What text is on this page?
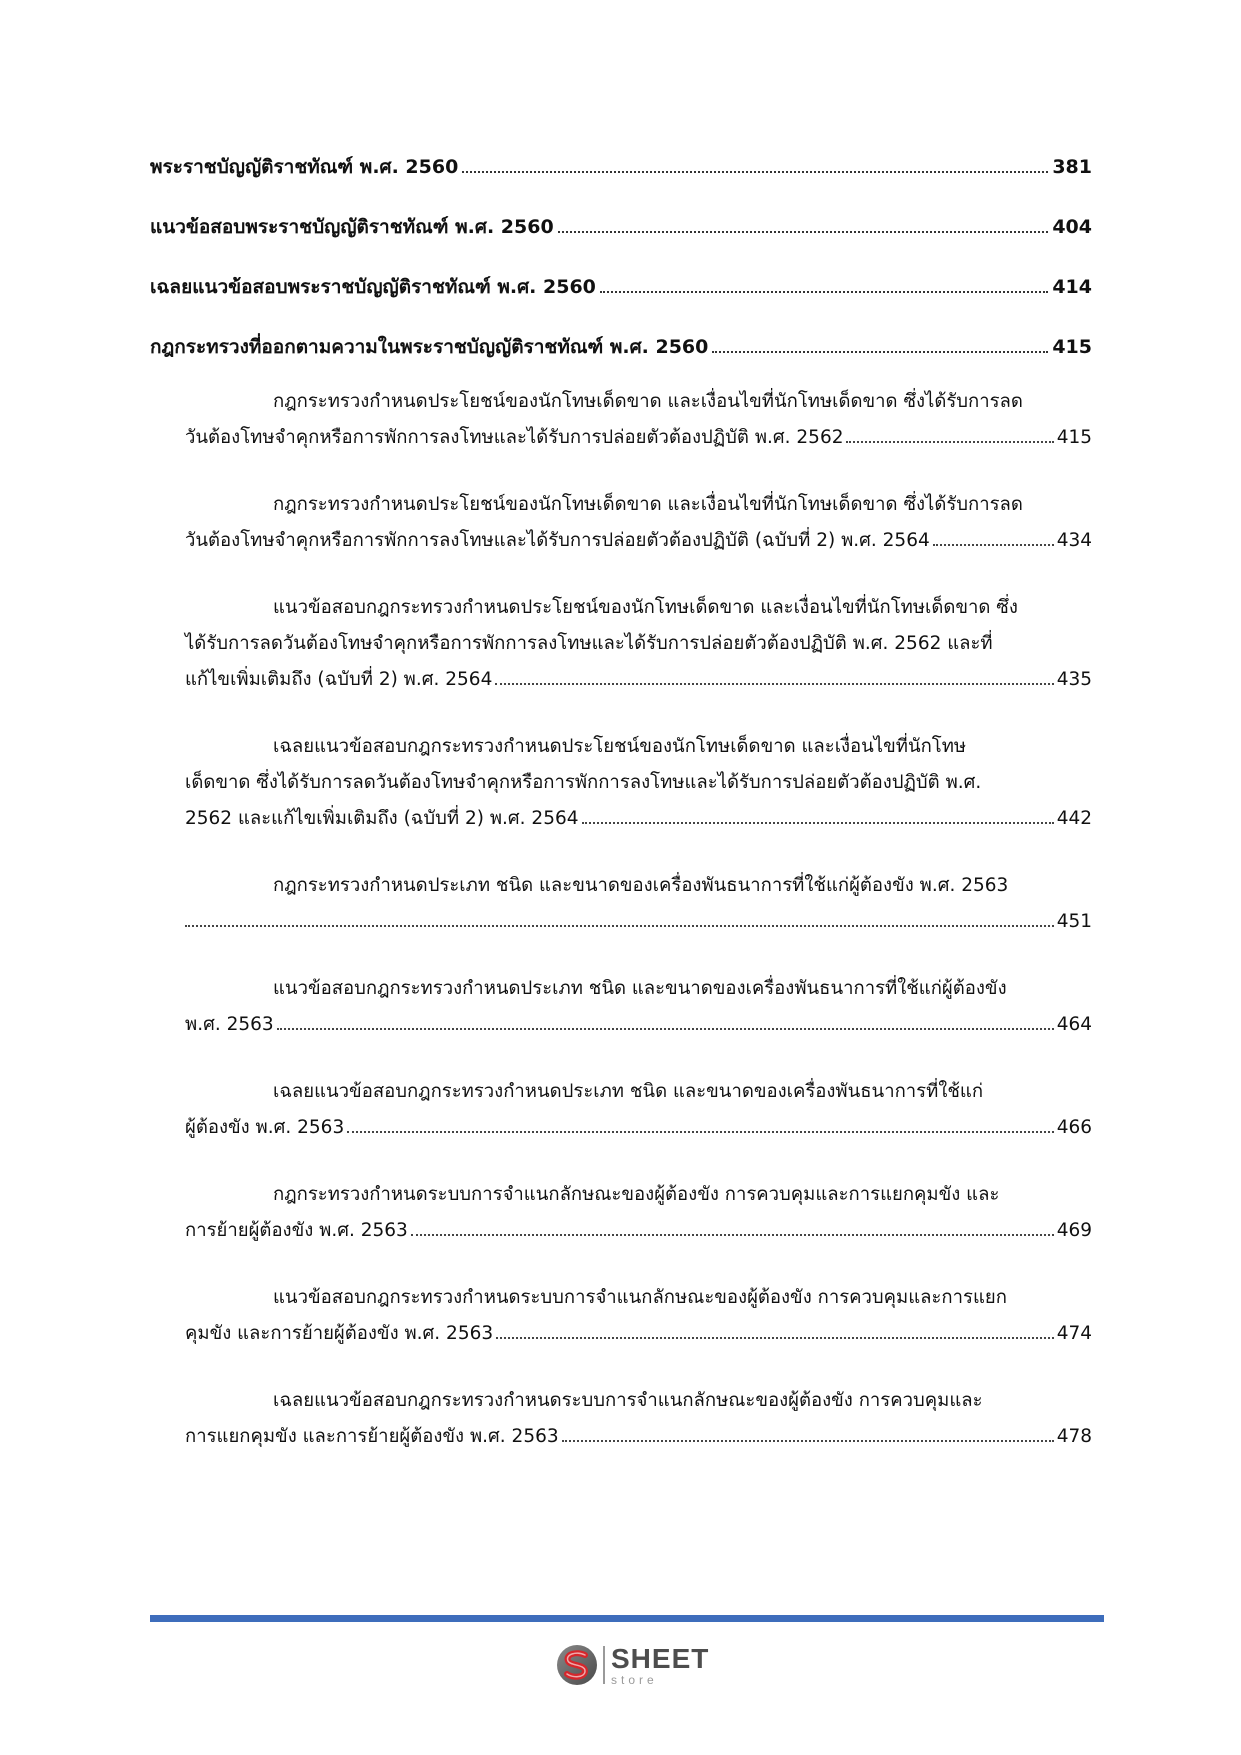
พระราชบัญญัติราชทัณฑ์ พ.ศ. 2560	381
แนวข้อสอบพระราชบัญญัติราชทัณฑ์ พ.ศ. 2560	404
เฉลยแนวข้อสอบพระราชบัญญัติราชทัณฑ์ พ.ศ. 2560	414
กฎกระทรวงที่ออกตามความในพระราชบัญญัติราชทัณฑ์ พ.ศ. 2560	415
กฎกระทรวงกำหนดประโยชน์ของนักโทษเด็ดขาด และเงื่อนไขที่นักโทษเด็ดขาด ซึ่งได้รับการลด
วันต้องโทษจำคุกหรือการพักการลงโทษและได้รับการปล่อยตัวต้องปฏิบัติ พ.ศ. 2562	415
กฎกระทรวงกำหนดประโยชน์ของนักโทษเด็ดขาด และเงื่อนไขที่นักโทษเด็ดขาด ซึ่งได้รับการลด
วันต้องโทษจำคุกหรือการพักการลงโทษและได้รับการปล่อยตัวต้องปฏิบัติ (ฉบับที่ 2) พ.ศ. 2564	434
แนวข้อสอบกฎกระทรวงกำหนดประโยชน์ของนักโทษเด็ดขาด และเงื่อนไขที่นักโทษเด็ดขาด ซึ่ง
ได้รับการลดวันต้องโทษจำคุกหรือการพักการลงโทษและได้รับการปล่อยตัวต้องปฏิบัติ พ.ศ. 2562 และที่
แก้ไขเพิ่มเติมถึง (ฉบับที่ 2) พ.ศ. 2564	435
เฉลยแนวข้อสอบกฎกระทรวงกำหนดประโยชน์ของนักโทษเด็ดขาด และเงื่อนไขที่นักโทษ
เด็ดขาด ซึ่งได้รับการลดวันต้องโทษจำคุกหรือการพักการลงโทษและได้รับการปล่อยตัวต้องปฏิบัติ พ.ศ.
2562 และแก้ไขเพิ่มเติมถึง (ฉบับที่ 2) พ.ศ. 2564	442
กฎกระทรวงกำหนดประเภท ชนิด และขนาดของเครื่องพันธนาการที่ใช้แก่ผู้ต้องขัง พ.ศ. 2563
451
แนวข้อสอบกฎกระทรวงกำหนดประเภท ชนิด และขนาดของเครื่องพันธนาการที่ใช้แก่ผู้ต้องขัง
พ.ศ. 2563	464
เฉลยแนวข้อสอบกฎกระทรวงกำหนดประเภท ชนิด และขนาดของเครื่องพันธนาการที่ใช้แก่
ผู้ต้องขัง พ.ศ. 2563	466
กฎกระทรวงกำหนดระบบการจำแนกลักษณะของผู้ต้องขัง การควบคุมและการแยกคุมขัง และ
การย้ายผู้ต้องขัง พ.ศ. 2563	469
แนวข้อสอบกฎกระทรวงกำหนดระบบการจำแนกลักษณะของผู้ต้องขัง การควบคุมและการแยก
คุมขัง และการย้ายผู้ต้องขัง พ.ศ. 2563	474
เฉลยแนวข้อสอบกฎกระทรวงกำหนดระบบการจำแนกลักษณะของผู้ต้องขัง การควบคุมและ
การแยกคุมขัง และการย้ายผู้ต้องขัง พ.ศ. 2563	478
SHEET
store
